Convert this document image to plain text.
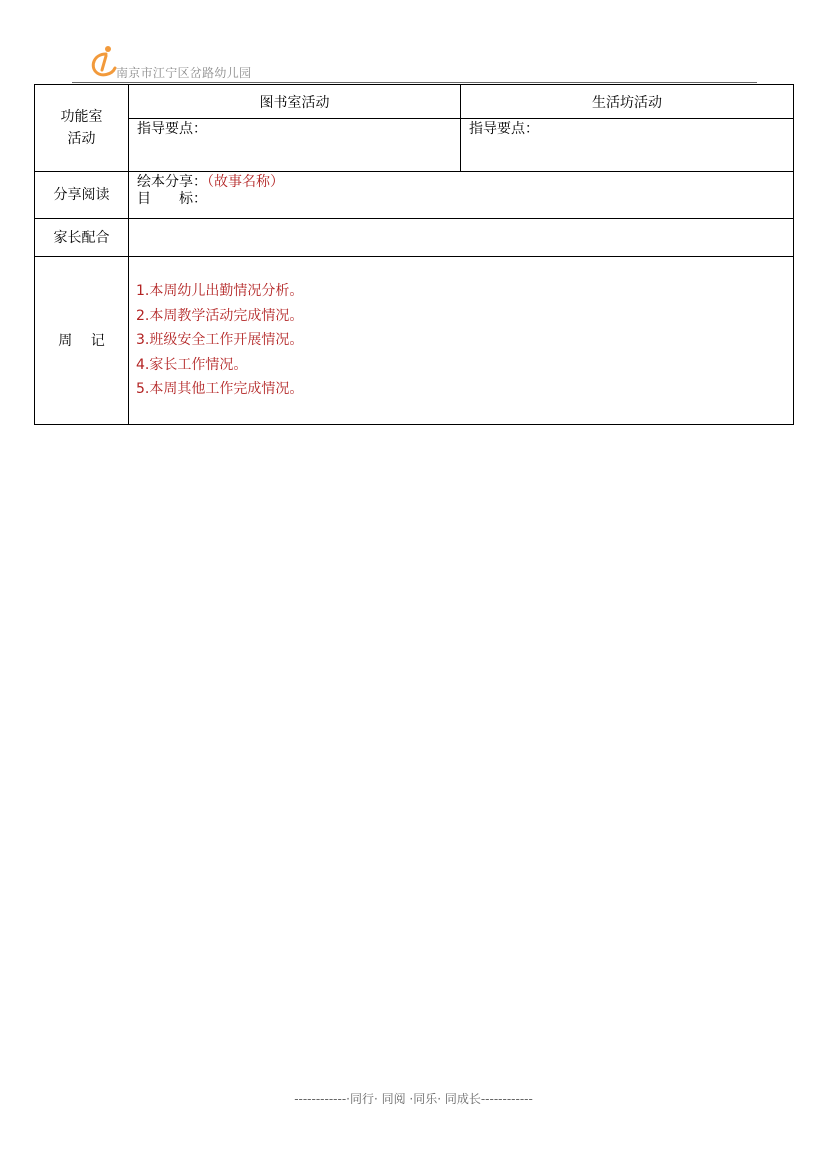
南京市江宁区岔路幼儿园
功能室
活动	图书室活动	生活坊活动
	指导要点：	指导要点：
分享阅读	绘本分享：（故事名称）
目　　标：	

家长配合		
周　 记	1.本周幼儿出勤情况分析。
2.本周教学活动完成情况。
3.班级安全工作开展情况。
4.家长工作情况。
5.本周其他工作完成情况。	
------------·同行· 同阅 ·同乐· 同成长------------
